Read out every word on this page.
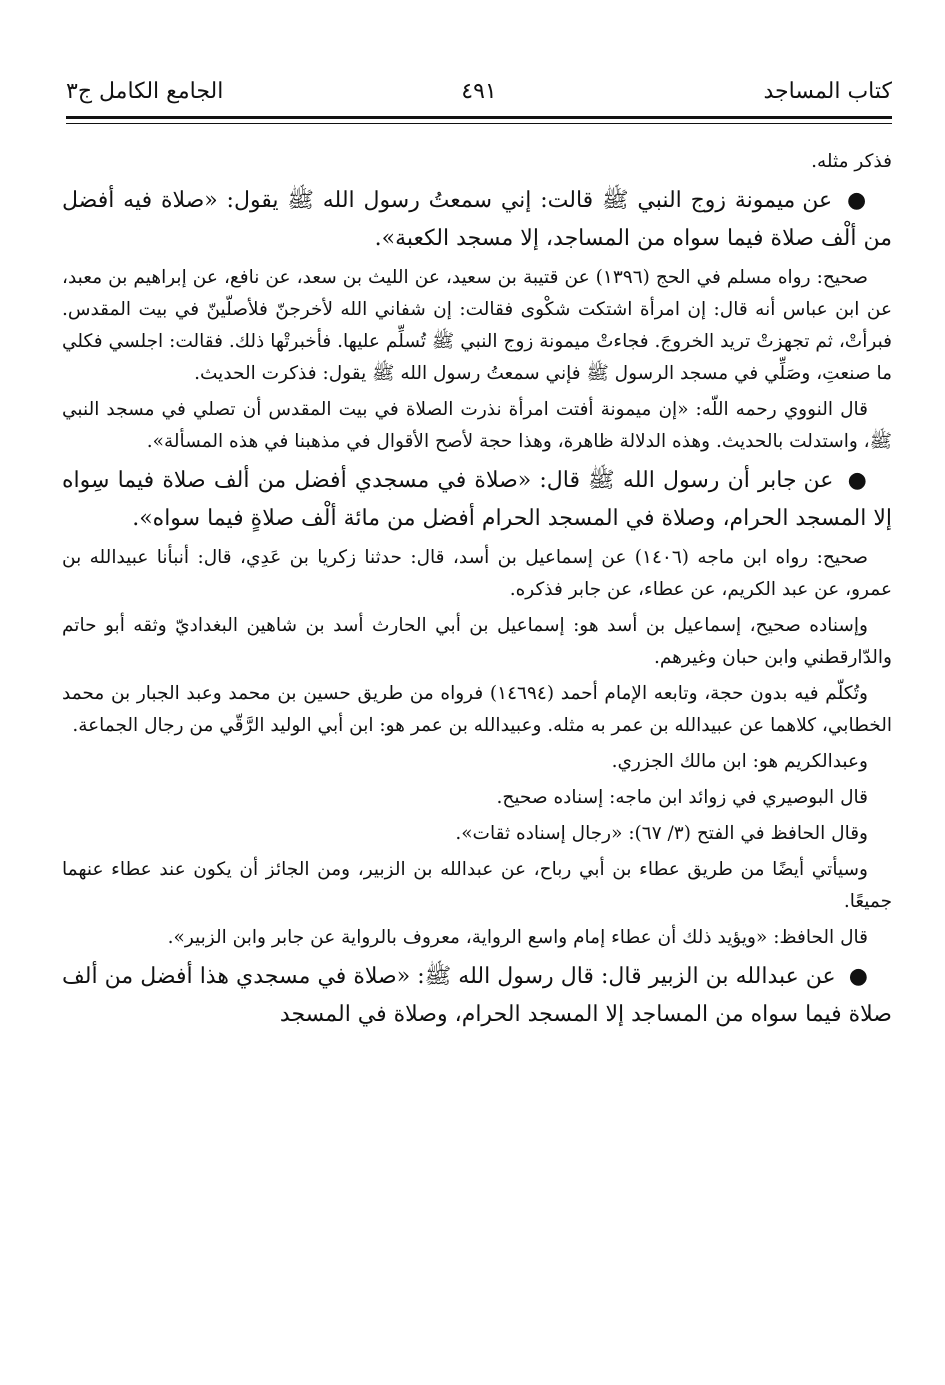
كتاب المساجد
٤٩١
الجامع الكامل ج٣

فذكر مثله.

● عن ميمونة زوج النبي ﷺ قالت: إني سمعتُ رسول الله ﷺ يقول: «صلاة فيه أفضل من ألْف صلاة فيما سواه من المساجد، إلا مسجد الكعبة».

صحيح: رواه مسلم في الحج (١٣٩٦) عن قتيبة بن سعيد، عن الليث بن سعد، عن نافع، عن إبراهيم بن معبد، عن ابن عباس أنه قال: إن امرأة اشتكت شكْوى فقالت: إن شفاني الله لأخرجنّ فلأصلّينّ في بيت المقدس. فبرأتْ، ثم تجهزتْ تريد الخروجَ. فجاءتْ ميمونة زوج النبي ﷺ تُسلِّم عليها. فأخبرتْها ذلك. فقالت: اجلسي فكلي ما صنعتِ، وصَلِّي في مسجد الرسول ﷺ فإني سمعتُ رسول الله ﷺ يقول: فذكرت الحديث.

قال النووي رحمه اللّه: «إن ميمونة أفتت امرأة نذرت الصلاة في بيت المقدس أن تصلي في مسجد النبي ﷺ، واستدلت بالحديث. وهذه الدلالة ظاهرة، وهذا حجة لأصح الأقوال في مذهبنا في هذه المسألة».

● عن جابر أن رسول الله ﷺ قال: «صلاة في مسجدي أفضل من ألف صلاة فيما سِواه إلا المسجد الحرام، وصلاة في المسجد الحرام أفضل من مائة ألْف صلاةٍ فيما سواه».

صحيح: رواه ابن ماجه (١٤٠٦) عن إسماعيل بن أسد، قال: حدثنا زكريا بن عَدِي، قال: أنبأنا عبيدالله بن عمرو، عن عبد الكريم، عن عطاء، عن جابر فذكره.

وإسناده صحيح، إسماعيل بن أسد هو: إسماعيل بن أبي الحارث أسد بن شاهين البغداديّ وثقه أبو حاتم والدّارقطني وابن حبان وغيرهم.

وتُكلّم فيه بدون حجة، وتابعه الإمام أحمد (١٤٦٩٤) فرواه من طريق حسين بن محمد وعبد الجبار بن محمد الخطابي، كلاهما عن عبيدالله بن عمر به مثله. وعبيدالله بن عمر هو: ابن أبي الوليد الرَّقّي من رجال الجماعة.

وعبدالكريم هو: ابن مالك الجزري.

قال البوصيري في زوائد ابن ماجه: إسناده صحيح.

وقال الحافظ في الفتح (٣/ ٦٧): «رجال إسناده ثقات».

وسيأتي أيضًا من طريق عطاء بن أبي رباح، عن عبدالله بن الزبير، ومن الجائز أن يكون عند عطاء عنهما جميعًا.

قال الحافظ: «ويؤيد ذلك أن عطاء إمام واسع الرواية، معروف بالرواية عن جابر وابن الزبير».

● عن عبدالله بن الزبير قال: قال رسول الله ﷺ: «صلاة في مسجدي هذا أفضل من ألف صلاة فيما سواه من المساجد إلا المسجد الحرام، وصلاة في المسجد
